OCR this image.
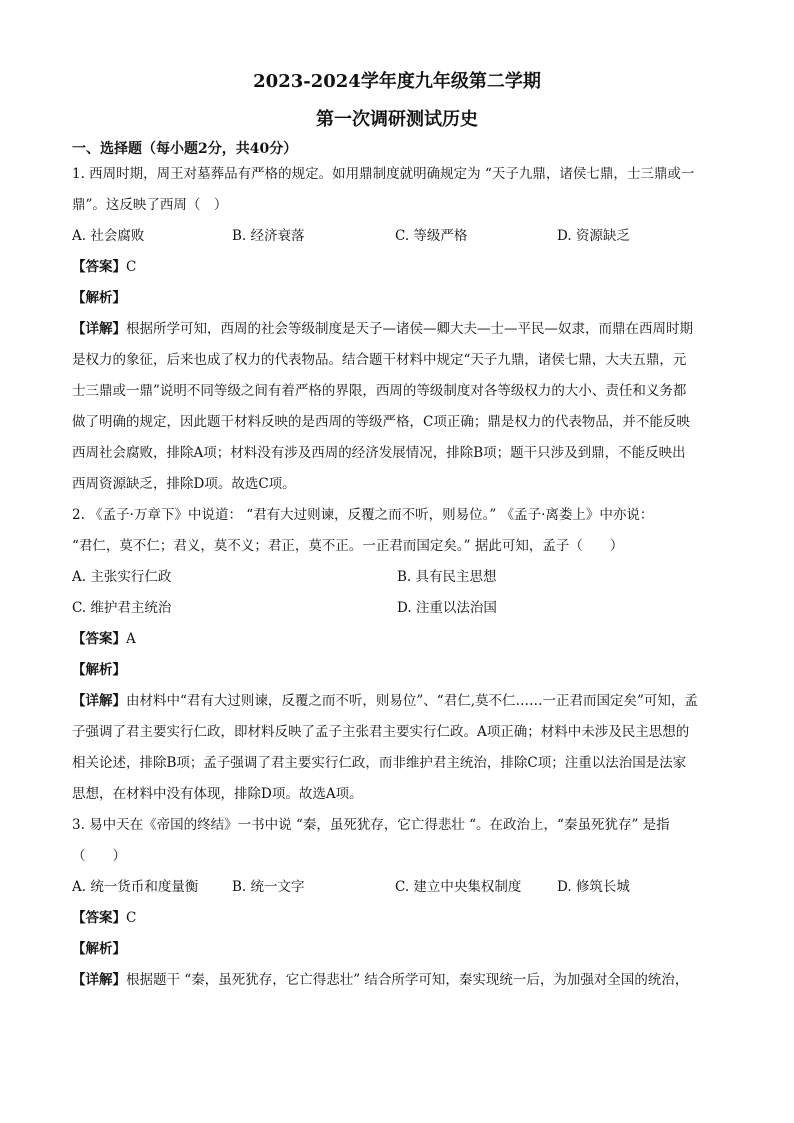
2023-2024学年度九年级第二学期
第一次调研测试历史
一、选择题（每小题2分，共40分）
1. 西周时期，周王对墓葬品有严格的规定。如用鼎制度就明确规定为 “天子九鼎，诸侯七鼎，士三鼎或一
鼎”。这反映了西周（　）
A. 社会腐败	B. 经济衰落	C. 等级严格	D. 资源缺乏
【答案】C
【解析】
【详解】根据所学可知，西周的社会等级制度是天子—诸侯—卿大夫—士—平民—奴隶，而鼎在西周时期
是权力的象征，后来也成了权力的代表物品。结合题干材料中规定“天子九鼎，诸侯七鼎，大夫五鼎，元
士三鼎或一鼎”说明不同等级之间有着严格的界限，西周的等级制度对各等级权力的大小、责任和义务都
做了明确的规定，因此题干材料反映的是西周的等级严格，C项正确；鼎是权力的代表物品，并不能反映
西周社会腐败，排除A项；材料没有涉及西周的经济发展情况，排除B项；题干只涉及到鼎，不能反映出
西周资源缺乏，排除D项。故选C项。
2. 《孟子·万章下》中说道： “君有大过则谏，反覆之而不听，则易位。” 《孟子·离娄上》中亦说：
“君仁，莫不仁；君义，莫不义；君正，莫不正。一正君而国定矣。” 据此可知，孟子（　　）
A. 主张实行仁政	B. 具有民主思想
C. 维护君主统治	D. 注重以法治国
【答案】A
【解析】
【详解】由材料中“君有大过则谏，反覆之而不听，则易位”、“君仁,莫不仁……一正君而国定矣”可知，孟
子强调了君主要实行仁政，即材料反映了孟子主张君主要实行仁政。A项正确；材料中未涉及民主思想的
相关论述，排除B项；孟子强调了君主要实行仁政，而非维护君主统治，排除C项；注重以法治国是法家
思想，在材料中没有体现，排除D项。故选A项。
3. 易中天在《帝国的终结》一书中说 “秦，虽死犹存，它亡得悲壮 “。在政治上，“秦虽死犹存” 是指
（　　）
A. 统一货币和度量衡	B. 统一文字	C. 建立中央集权制度	D. 修筑长城
【答案】C
【解析】
【详解】根据题干 “秦，虽死犹存，它亡得悲壮” 结合所学可知，秦实现统一后，为加强对全国的统治，
